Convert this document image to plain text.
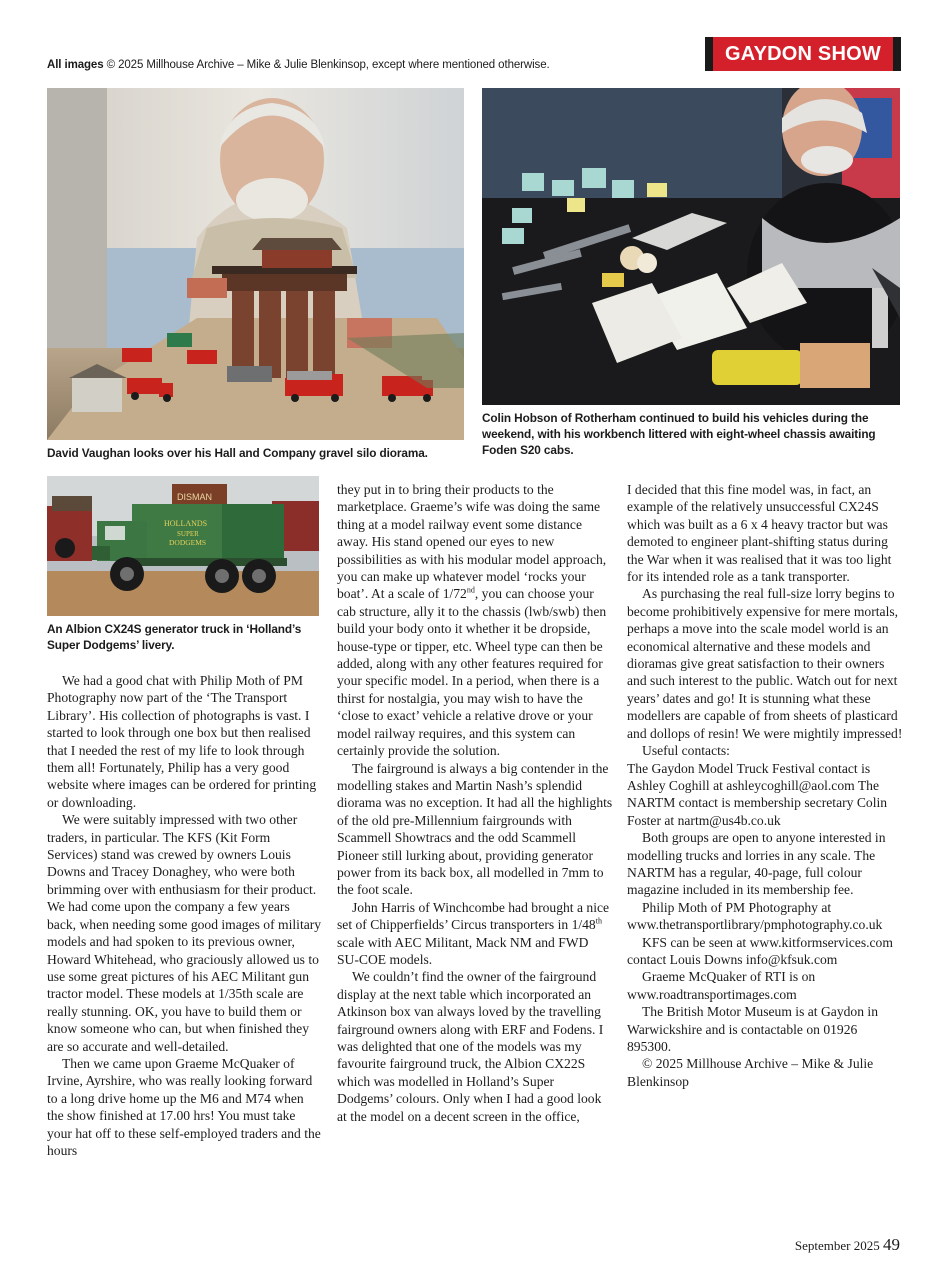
All images © 2025 Millhouse Archive – Mike & Julie Blenkinsop, except where mentioned otherwise.	GAYDON SHOW
David Vaughan looks over his Hall and Company gravel silo diorama.
Colin Hobson of Rotherham continued to build his vehicles during the weekend, with his workbench littered with eight-wheel chassis awaiting Foden S20 cabs.
DISMAN
HOLLANDS
SUPER
DODGEMS
An Albion CX24S generator truck in ‘Holland’s Super Dodgems’ livery.

We had a good chat with Philip Moth of PM Photography now part of the ‘The Transport Library’. His collection of photographs is vast. I started to look through one box but then realised that I needed the rest of my life to look through them all! Fortunately, Philip has a very good website where images can be ordered for printing or downloading.

We were suitably impressed with two other traders, in particular. The KFS (Kit Form Services) stand was crewed by owners Louis Downs and Tracey Donaghey, who were both brimming over with enthusiasm for their product. We had come upon the company a few years back, when needing some good images of military models and had spoken to its previous owner, Howard Whitehead, who graciously allowed us to use some great pictures of his AEC Militant gun tractor model. These models at 1/35th scale are really stunning. OK, you have to build them or know someone who can, but when finished they are so accurate and well-detailed.

Then we came upon Graeme McQuaker of Irvine, Ayrshire, who was really looking forward to a long drive home up the M6 and M74 when the show finished at 17.00 hrs! You must take your hat off to these self-employed traders and the hours

they put in to bring their products to the marketplace. Graeme’s wife was doing the same thing at a model railway event some distance away. His stand opened our eyes to new possibilities as with his modular model approach, you can make up whatever model ‘rocks your boat’. At a scale of 1/72nd, you can choose your cab structure, ally it to the chassis (lwb/swb) then build your body onto it whether it be dropside, house-type or tipper, etc. Wheel type can then be added, along with any other features required for your specific model. In a period, when there is a thirst for nostalgia, you may wish to have the ‘close to exact’ vehicle a relative drove or your model railway requires, and this system can certainly provide the solution.

The fairground is always a big contender in the modelling stakes and Martin Nash’s splendid diorama was no exception. It had all the highlights of the old pre-Millennium fairgrounds with Scammell Showtracs and the odd Scammell Pioneer still lurking about, providing generator power from its back box, all modelled in 7mm to the foot scale.

John Harris of Winchcombe had brought a nice set of Chipperfields’ Circus transporters in 1/48th scale with AEC Militant, Mack NM and FWD SU-COE models.

We couldn’t find the owner of the fairground display at the next table which incorporated an Atkinson box van always loved by the travelling fairground owners along with ERF and Fodens. I was delighted that one of the models was my favourite fairground truck, the Albion CX22S which was modelled in Holland’s Super Dodgems’ colours. Only when I had a good look at the model on a decent screen in the office,

I decided that this fine model was, in fact, an example of the relatively unsuccessful CX24S which was built as a 6 x 4 heavy tractor but was demoted to engineer plant-shifting status during the War when it was realised that it was too light for its intended role as a tank transporter.

As purchasing the real full-size lorry begins to become prohibitively expensive for mere mortals, perhaps a move into the scale model world is an economical alternative and these models and dioramas give great satisfaction to their owners and such interest to the public. Watch out for next years’ dates and go! It is stunning what these modellers are capable of from sheets of plasticard and dollops of resin! We were mightily impressed!

Useful contacts:

The Gaydon Model Truck Festival contact is Ashley Coghill at ashleycoghill@aol.com The NARTM contact is membership secretary Colin Foster at nartm@us4b.co.uk

Both groups are open to anyone interested in modelling trucks and lorries in any scale. The NARTM has a regular, 40-page, full colour magazine included in its membership fee.

Philip Moth of PM Photography at www.thetransportlibrary/pmphotography.co.uk

KFS can be seen at www.kitformservices.com contact Louis Downs info@kfsuk.com

Graeme McQuaker of RTI is on www.roadtransportimages.com

The British Motor Museum is at Gaydon in Warwickshire and is contactable on 01926 895300.

© 2025 Millhouse Archive – Mike & Julie Blenkinsop

September 2025 49
